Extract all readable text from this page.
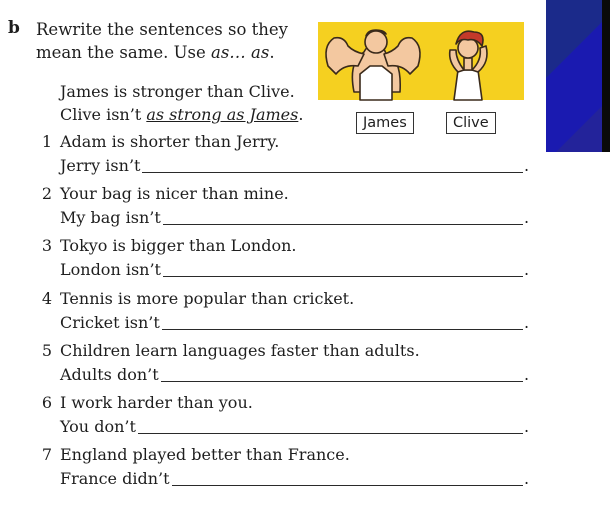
b Rewrite the sentences so they
mean the same. Use as… as.
James is stronger than Clive.
Clive isn’t as strong as James.	James	Clive
1 Adam is shorter than Jerry.
Jerry isn’t	.
2 Your bag is nicer than mine.
My bag isn’t	.
3 Tokyo is bigger than London.
London isn’t	.
4 Tennis is more popular than cricket.
Cricket isn’t	.
5 Children learn languages faster than adults.
Adults don’t	.
6 I work harder than you.
You don’t	.
7 England played better than France.
France didn’t	.
